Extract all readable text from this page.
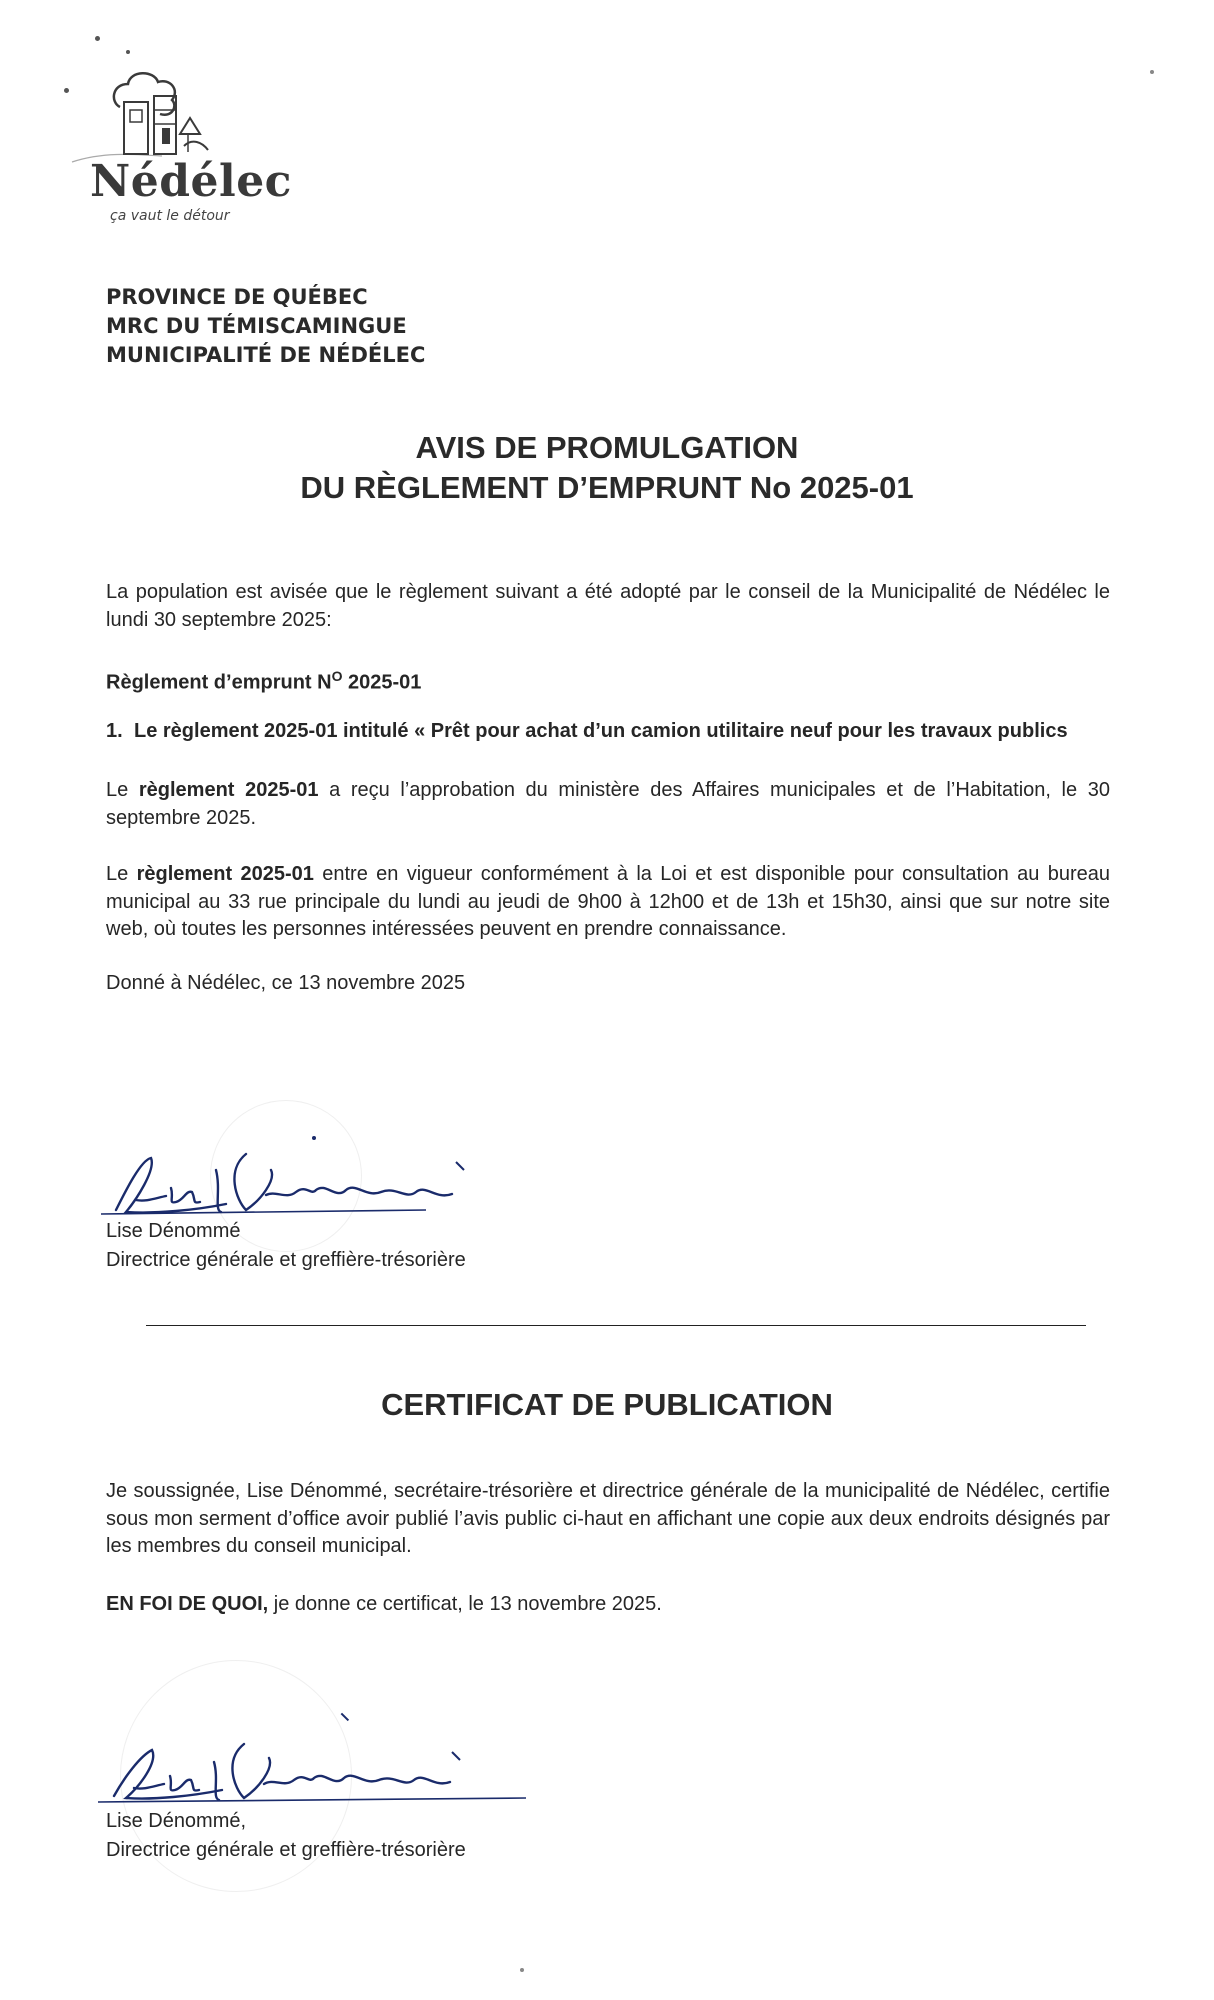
Nédélec

ça vaut le détour

PROVINCE DE QUÉBEC
MRC DU TÉMISCAMINGUE
MUNICIPALITÉ DE NÉDÉLEC
AVIS DE PROMULGATION
DU RÈGLEMENT D’EMPRUNT No 2025-01
La population est avisée que le règlement suivant a été adopté par le conseil de la Municipalité de Nédélec le lundi 30 septembre 2025:
Règlement d’emprunt $N^O$ 2025-01
1. Le règlement 2025-01 intitulé « Prêt pour achat d’un camion utilitaire neuf pour les travaux publics
Le règlement 2025-01 a reçu l’approbation du ministère des Affaires municipales et de l’Habitation, le 30 septembre 2025.
Le règlement 2025-01 entre en vigueur conformément à la Loi et est disponible pour consultation au bureau municipal au 33 rue principale du lundi au jeudi de 9h00 à 12h00 et de 13h et 15h30, ainsi que sur notre site web, où toutes les personnes intéressées peuvent en prendre connaissance.
Donné à Nédélec, ce 13 novembre 2025
Lise Dénommé
Directrice générale et greffière-trésorière
CERTIFICAT DE PUBLICATION
Je soussignée, Lise Dénommé, secrétaire-trésorière et directrice générale de la municipalité de Nédélec, certifie sous mon serment d’office avoir publié l’avis public ci-haut en affichant une copie aux deux endroits désignés par les membres du conseil municipal.
EN FOI DE QUOI, je donne ce certificat, le 13 novembre 2025.
Lise Dénommé,
Directrice générale et greffière-trésorière
